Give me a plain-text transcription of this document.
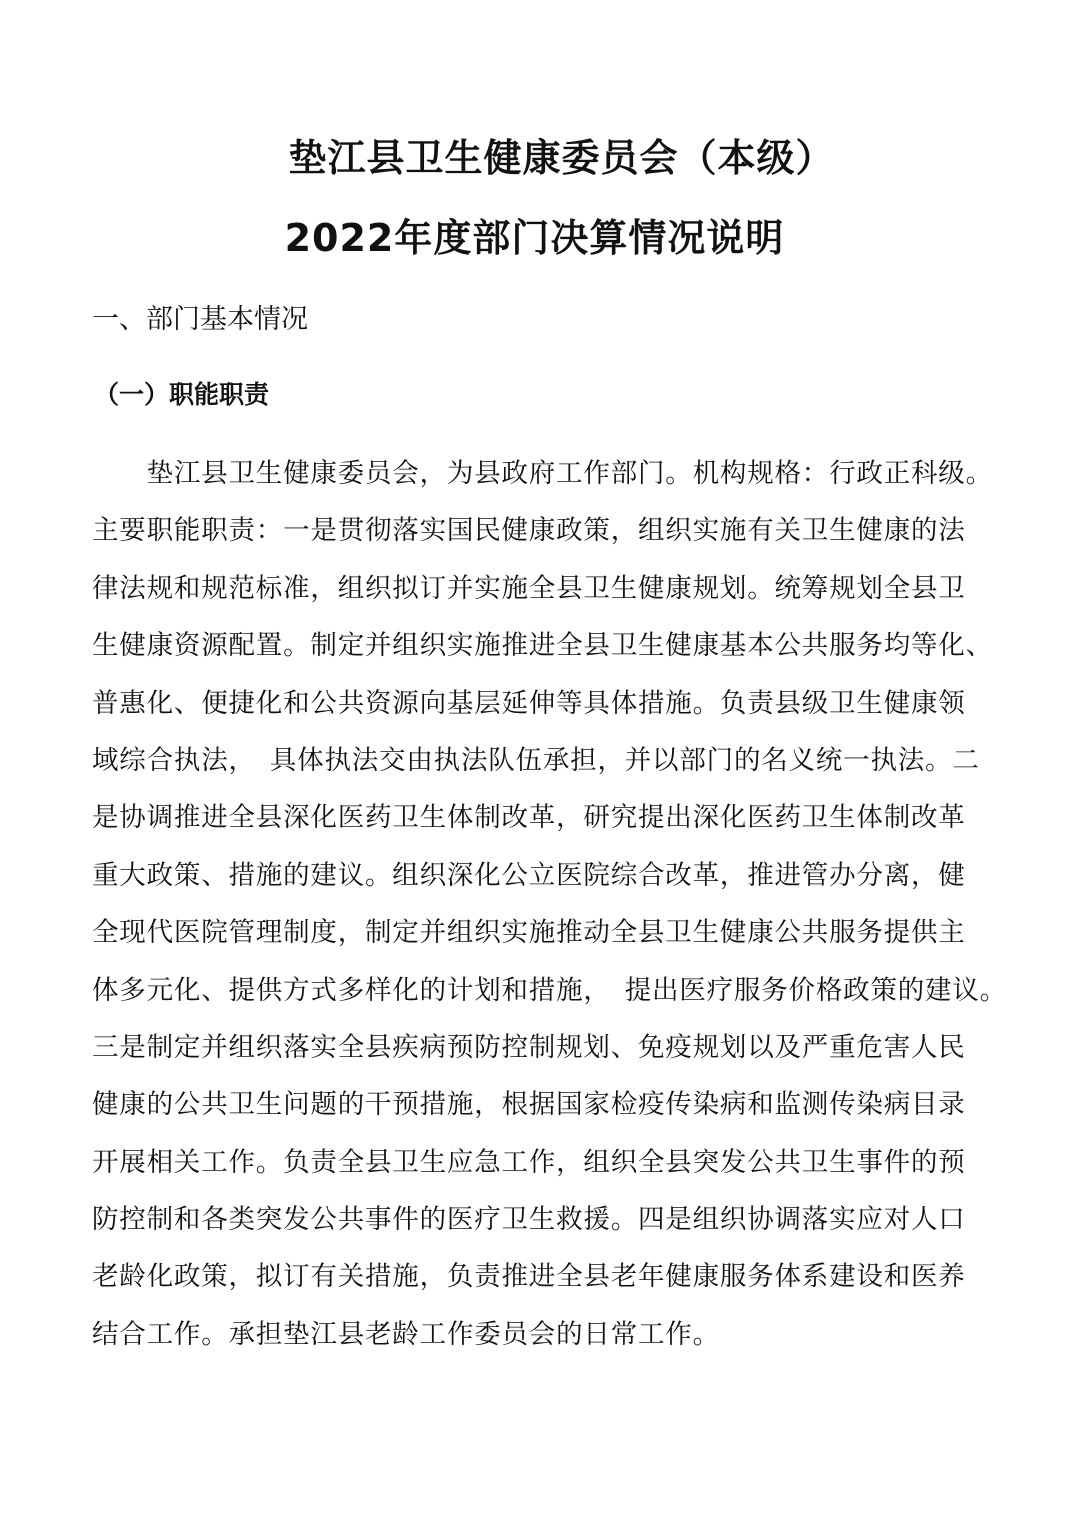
垫江县卫生健康委员会（本级）
2022年度部门决算情况说明
一、部门基本情况
（一）职能职责
　　垫江县卫生健康委员会，为县政府工作部门。机构规格：行政正科级。
主要职能职责：一是贯彻落实国民健康政策，组织实施有关卫生健康的法
律法规和规范标准，组织拟订并实施全县卫生健康规划。统筹规划全县卫
生健康资源配置。制定并组织实施推进全县卫生健康基本公共服务均等化、
普惠化、便捷化和公共资源向基层延伸等具体措施。负责县级卫生健康领
域综合执法，　具体执法交由执法队伍承担，并以部门的名义统一执法。二
是协调推进全县深化医药卫生体制改革，研究提出深化医药卫生体制改革
重大政策、措施的建议。组织深化公立医院综合改革，推进管办分离，健
全现代医院管理制度，制定并组织实施推动全县卫生健康公共服务提供主
体多元化、提供方式多样化的计划和措施，　提出医疗服务价格政策的建议。
三是制定并组织落实全县疾病预防控制规划、免疫规划以及严重危害人民
健康的公共卫生问题的干预措施，根据国家检疫传染病和监测传染病目录
开展相关工作。负责全县卫生应急工作，组织全县突发公共卫生事件的预
防控制和各类突发公共事件的医疗卫生救援。四是组织协调落实应对人口
老龄化政策，拟订有关措施，负责推进全县老年健康服务体系建设和医养
结合工作。承担垫江县老龄工作委员会的日常工作。
